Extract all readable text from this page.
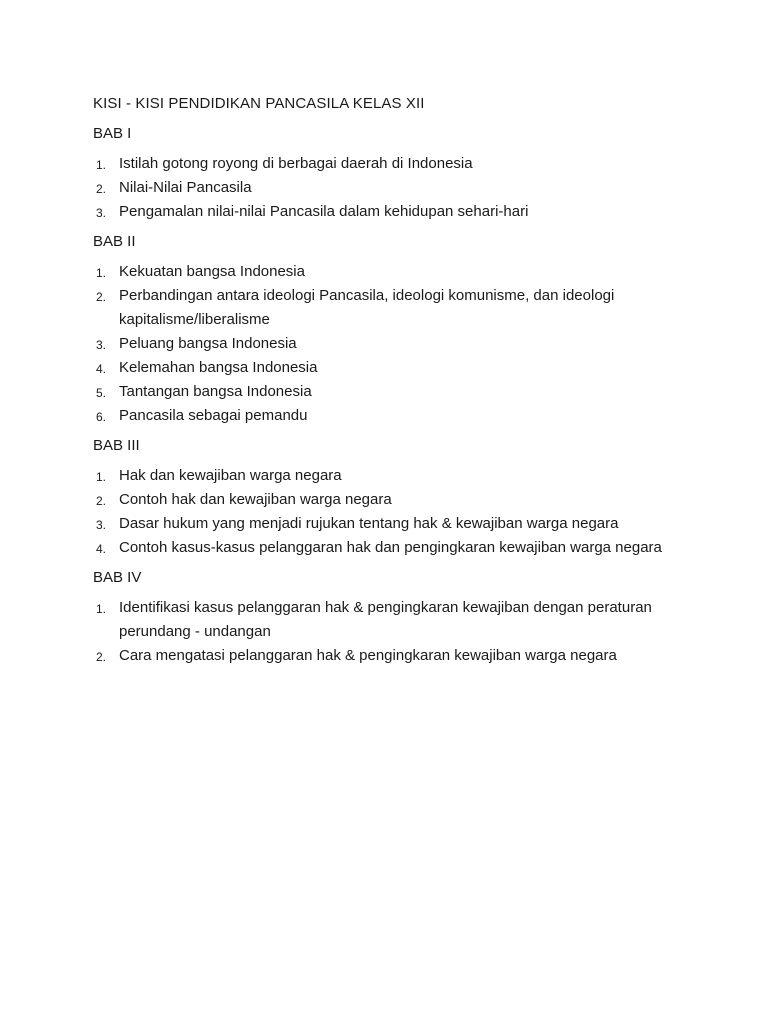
KISI - KISI PENDIDIKAN PANCASILA KELAS XII

BAB I

1. Istilah gotong royong di berbagai daerah di Indonesia
2. Nilai-Nilai Pancasila
3. Pengamalan nilai-nilai Pancasila dalam kehidupan sehari-hari

BAB II

1. Kekuatan bangsa Indonesia
2. Perbandingan antara ideologi Pancasila, ideologi komunisme, dan ideologi kapitalisme/liberalisme
3. Peluang bangsa Indonesia
4. Kelemahan bangsa Indonesia
5. Tantangan bangsa Indonesia
6. Pancasila sebagai pemandu

BAB III

1. Hak dan kewajiban warga negara
2. Contoh hak dan kewajiban warga negara
3. Dasar hukum yang menjadi rujukan tentang hak & kewajiban warga negara
4. Contoh kasus-kasus pelanggaran hak dan pengingkaran kewajiban warga negara

BAB IV

1. Identifikasi kasus pelanggaran hak & pengingkaran kewajiban dengan peraturan perundang - undangan
2. Cara mengatasi pelanggaran hak & pengingkaran kewajiban warga negara
